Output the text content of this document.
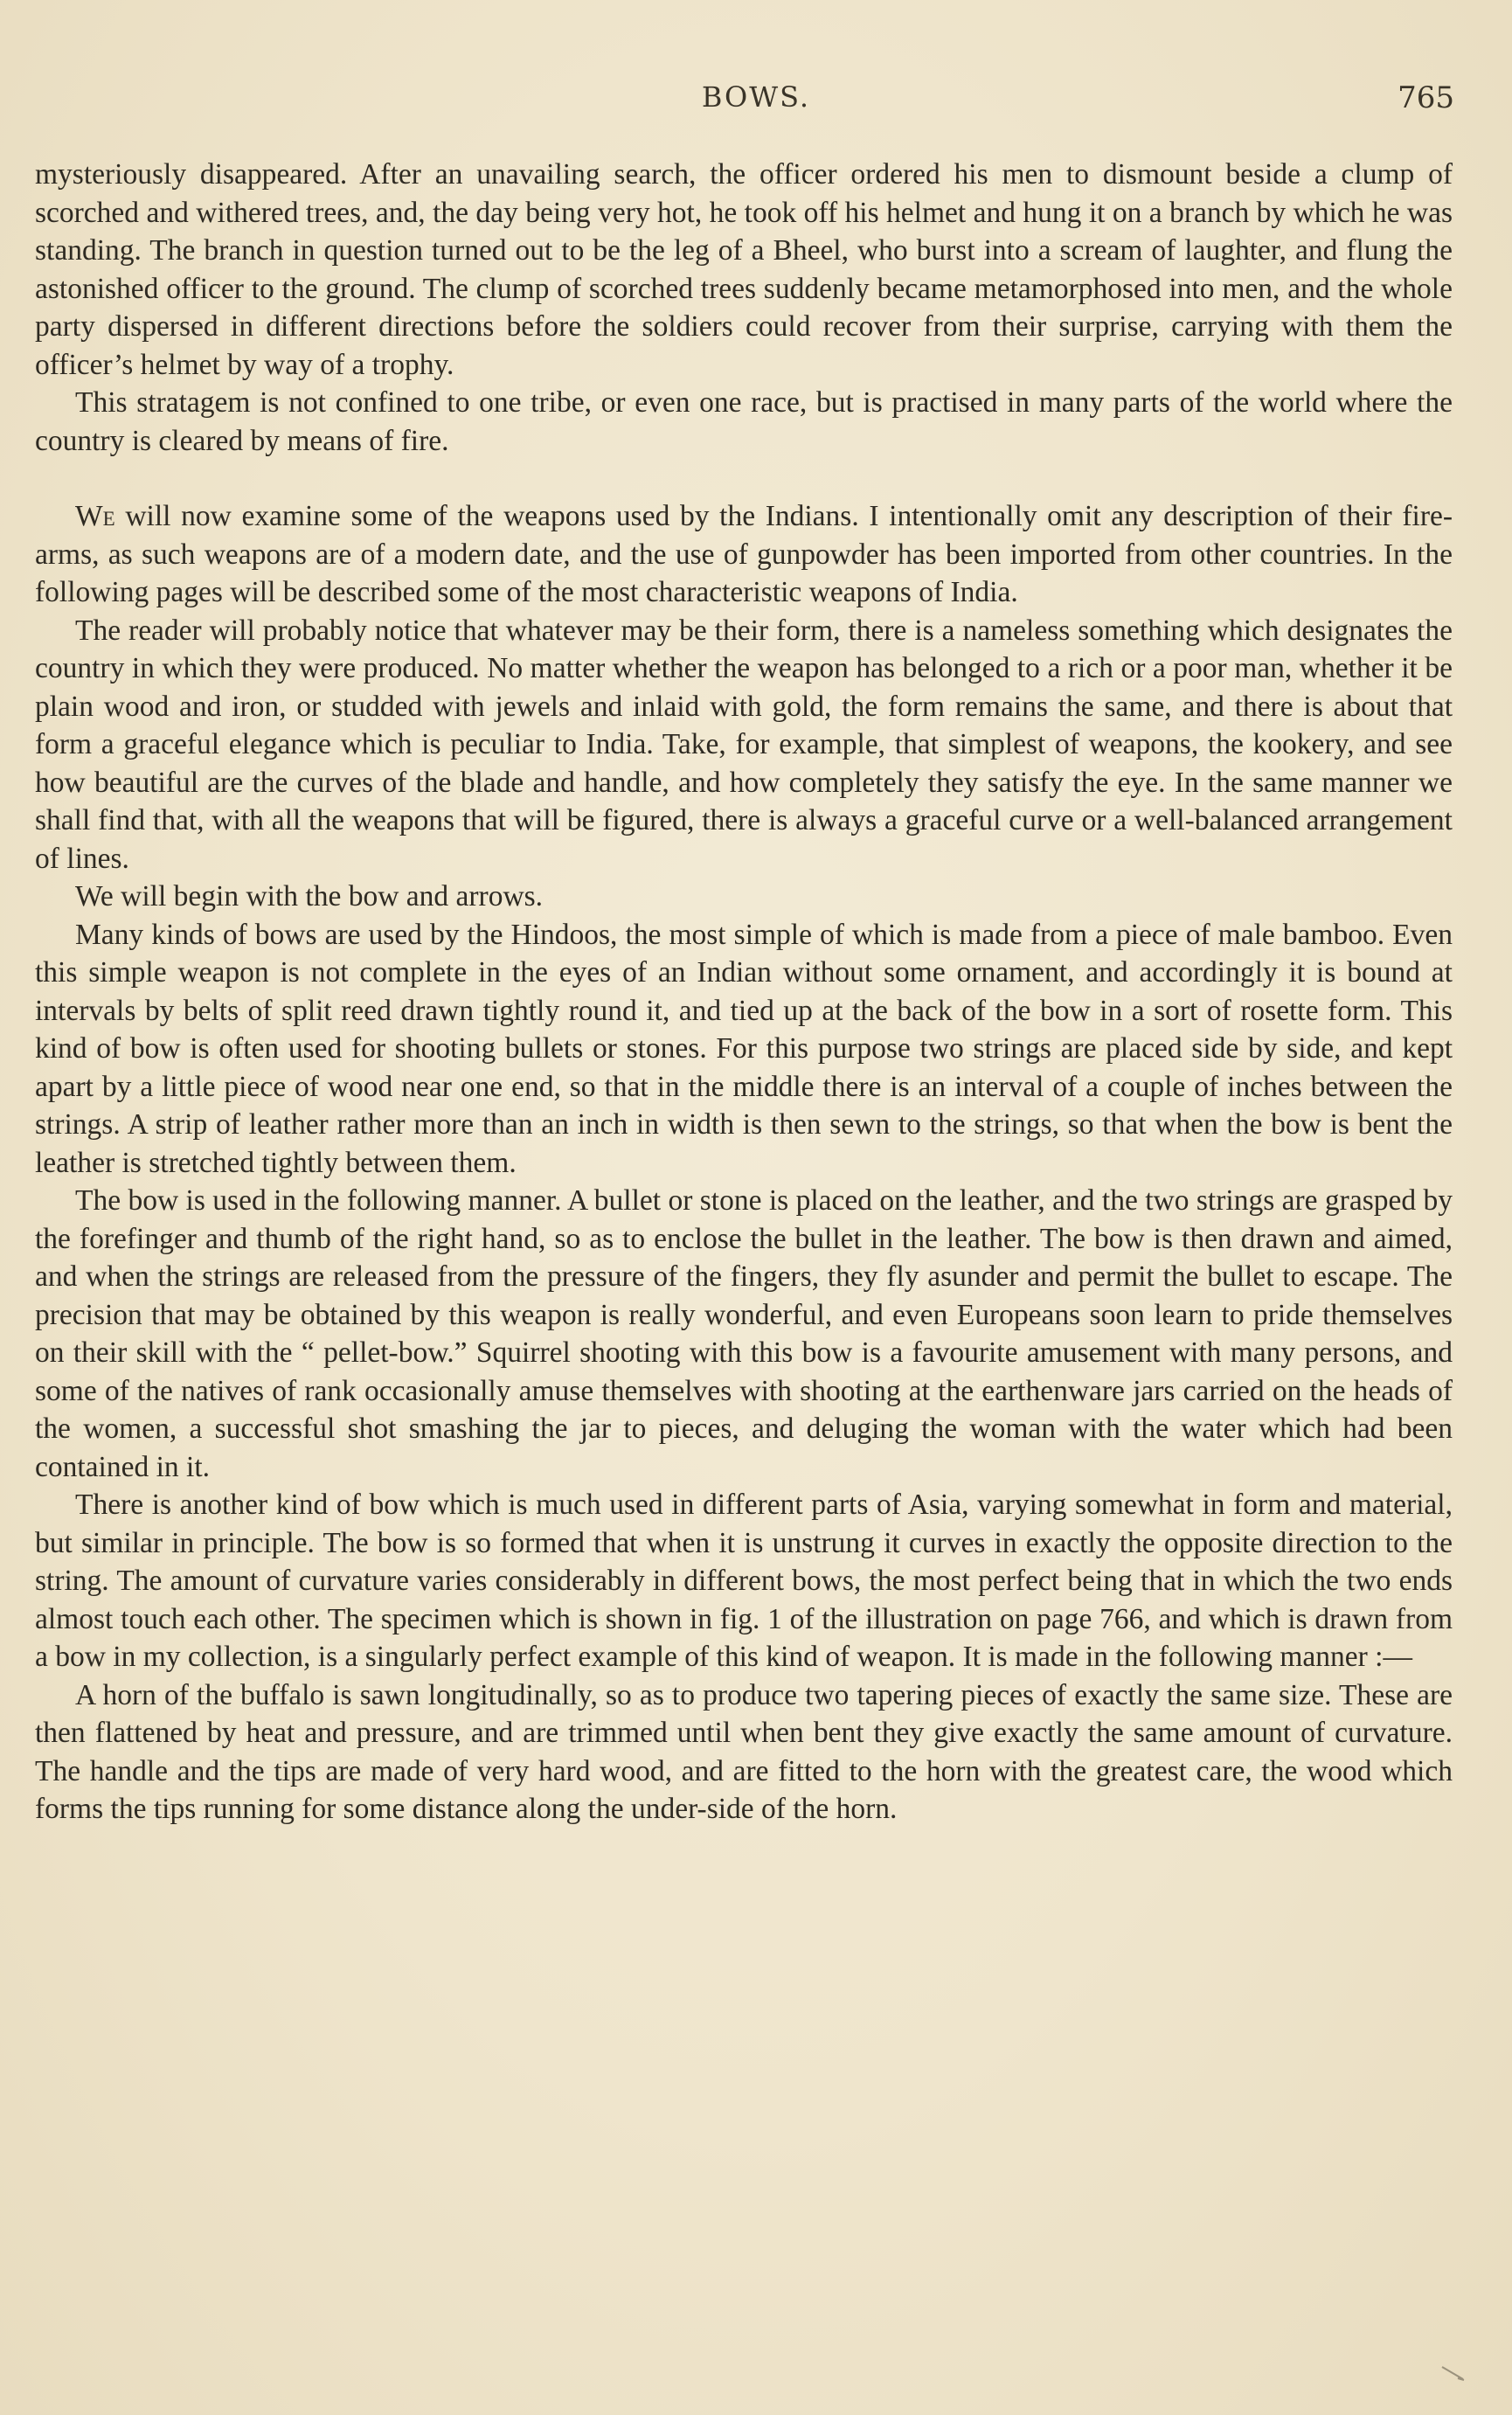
BOWS.	765

mysteriously disappeared. After an unavailing search, the officer ordered his men to dismount beside a clump of scorched and withered trees, and, the day being very hot, he took off his helmet and hung it on a branch by which he was standing. The branch in question turned out to be the leg of a Bheel, who burst into a scream of laughter, and flung the astonished officer to the ground. The clump of scorched trees suddenly became metamorphosed into men, and the whole party dispersed in different directions before the soldiers could recover from their surprise, carrying with them the officer’s helmet by way of a trophy.

This stratagem is not confined to one tribe, or even one race, but is practised in many parts of the world where the country is cleared by means of fire.

We will now examine some of the weapons used by the Indians. I intentionally omit any description of their fire-arms, as such weapons are of a modern date, and the use of gunpowder has been imported from other countries. In the following pages will be described some of the most characteristic weapons of India.

The reader will probably notice that whatever may be their form, there is a nameless something which designates the country in which they were produced. No matter whether the weapon has belonged to a rich or a poor man, whether it be plain wood and iron, or studded with jewels and inlaid with gold, the form remains the same, and there is about that form a graceful elegance which is peculiar to India. Take, for example, that simplest of weapons, the kookery, and see how beautiful are the curves of the blade and handle, and how completely they satisfy the eye. In the same manner we shall find that, with all the weapons that will be figured, there is always a graceful curve or a well-balanced arrangement of lines.

We will begin with the bow and arrows.

Many kinds of bows are used by the Hindoos, the most simple of which is made from a piece of male bamboo. Even this simple weapon is not complete in the eyes of an Indian without some ornament, and accordingly it is bound at intervals by belts of split reed drawn tightly round it, and tied up at the back of the bow in a sort of rosette form. This kind of bow is often used for shooting bullets or stones. For this purpose two strings are placed side by side, and kept apart by a little piece of wood near one end, so that in the middle there is an interval of a couple of inches between the strings. A strip of leather rather more than an inch in width is then sewn to the strings, so that when the bow is bent the leather is stretched tightly between them.

The bow is used in the following manner. A bullet or stone is placed on the leather, and the two strings are grasped by the forefinger and thumb of the right hand, so as to enclose the bullet in the leather. The bow is then drawn and aimed, and when the strings are released from the pressure of the fingers, they fly asunder and permit the bullet to escape. The precision that may be obtained by this weapon is really wonderful, and even Europeans soon learn to pride themselves on their skill with the “ pellet-bow.” Squirrel shooting with this bow is a favourite amusement with many persons, and some of the natives of rank occasionally amuse themselves with shooting at the earthenware jars carried on the heads of the women, a successful shot smashing the jar to pieces, and deluging the woman with the water which had been contained in it.

There is another kind of bow which is much used in different parts of Asia, varying somewhat in form and material, but similar in principle. The bow is so formed that when it is unstrung it curves in exactly the opposite direction to the string. The amount of curvature varies considerably in different bows, the most perfect being that in which the two ends almost touch each other. The specimen which is shown in fig. 1 of the illustration on page 766, and which is drawn from a bow in my collection, is a singularly perfect example of this kind of weapon. It is made in the following manner :—

A horn of the buffalo is sawn longitudinally, so as to produce two tapering pieces of exactly the same size. These are then flattened by heat and pressure, and are trimmed until when bent they give exactly the same amount of curvature. The handle and the tips are made of very hard wood, and are fitted to the horn with the greatest care, the wood which forms the tips running for some distance along the under-side of the horn.
